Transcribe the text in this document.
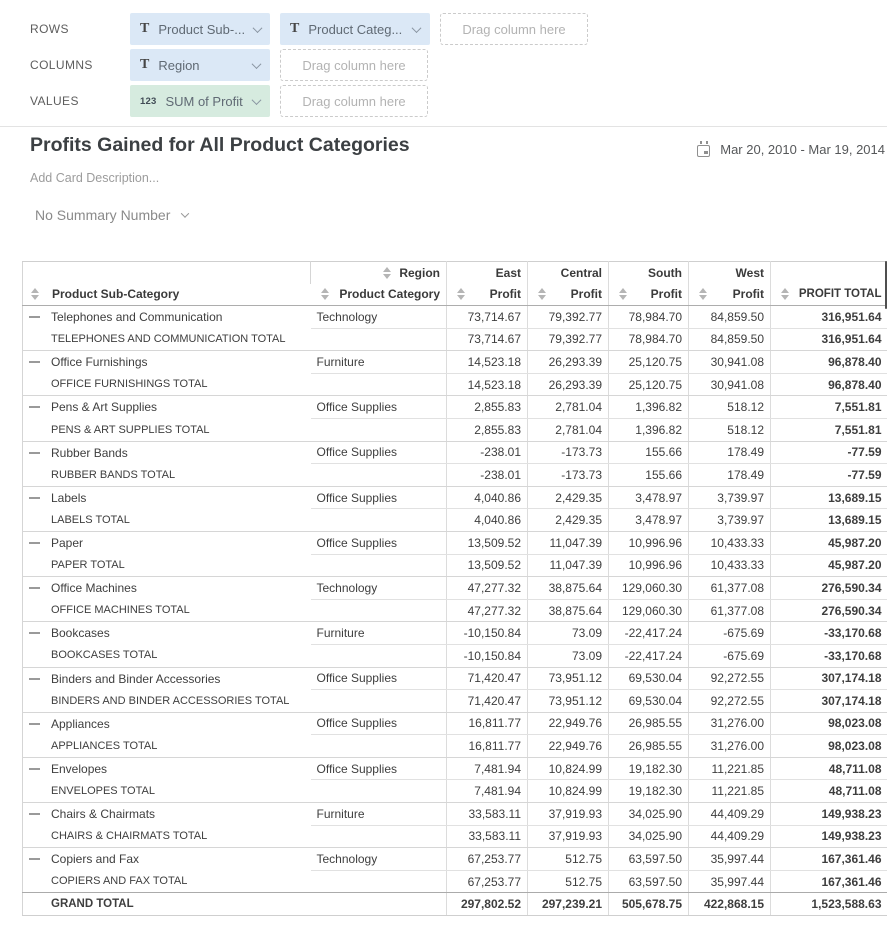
ROWS	T Product Sub-...	T Product Categ...	Drag column here
COLUMNS	T Region	Drag column here
VALUES	123 SUM of Profit	Drag column here
Profits Gained for All Product Categories	Mar 20, 2010 - Mar 19, 2014
Add Card Description...
No Summary Number

	Region	East	Central	South	West	

Product Sub-Category	Product Category	Profit	Profit	Profit	Profit	PROFIT TOTAL

Telephones and Communication	Technology	73,714.67	79,392.77	78,984.70	84,859.50	316,951.64
TELEPHONES AND COMMUNICATION TOTAL		73,714.67	79,392.77	78,984.70	84,859.50	316,951.64

Office Furnishings	Furniture	14,523.18	26,293.39	25,120.75	30,941.08	96,878.40
OFFICE FURNISHINGS TOTAL		14,523.18	26,293.39	25,120.75	30,941.08	96,878.40

Pens & Art Supplies	Office Supplies	2,855.83	2,781.04	1,396.82	518.12	7,551.81
PENS & ART SUPPLIES TOTAL		2,855.83	2,781.04	1,396.82	518.12	7,551.81

Rubber Bands	Office Supplies	-238.01	-173.73	155.66	178.49	-77.59
RUBBER BANDS TOTAL		-238.01	-173.73	155.66	178.49	-77.59

Labels	Office Supplies	4,040.86	2,429.35	3,478.97	3,739.97	13,689.15
LABELS TOTAL		4,040.86	2,429.35	3,478.97	3,739.97	13,689.15

Paper	Office Supplies	13,509.52	11,047.39	10,996.96	10,433.33	45,987.20
PAPER TOTAL		13,509.52	11,047.39	10,996.96	10,433.33	45,987.20

Office Machines	Technology	47,277.32	38,875.64	129,060.30	61,377.08	276,590.34
OFFICE MACHINES TOTAL		47,277.32	38,875.64	129,060.30	61,377.08	276,590.34

Bookcases	Furniture	-10,150.84	73.09	-22,417.24	-675.69	-33,170.68
BOOKCASES TOTAL		-10,150.84	73.09	-22,417.24	-675.69	-33,170.68

Binders and Binder Accessories	Office Supplies	71,420.47	73,951.12	69,530.04	92,272.55	307,174.18
BINDERS AND BINDER ACCESSORIES TOTAL		71,420.47	73,951.12	69,530.04	92,272.55	307,174.18

Appliances	Office Supplies	16,811.77	22,949.76	26,985.55	31,276.00	98,023.08
APPLIANCES TOTAL		16,811.77	22,949.76	26,985.55	31,276.00	98,023.08

Envelopes	Office Supplies	7,481.94	10,824.99	19,182.30	11,221.85	48,711.08
ENVELOPES TOTAL		7,481.94	10,824.99	19,182.30	11,221.85	48,711.08

Chairs & Chairmats	Furniture	33,583.11	37,919.93	34,025.90	44,409.29	149,938.23
CHAIRS & CHAIRMATS TOTAL		33,583.11	37,919.93	34,025.90	44,409.29	149,938.23

Copiers and Fax	Technology	67,253.77	512.75	63,597.50	35,997.44	167,361.46
COPIERS AND FAX TOTAL		67,253.77	512.75	63,597.50	35,997.44	167,361.46
GRAND TOTAL		297,802.52	297,239.21	505,678.75	422,868.15	1,523,588.63
